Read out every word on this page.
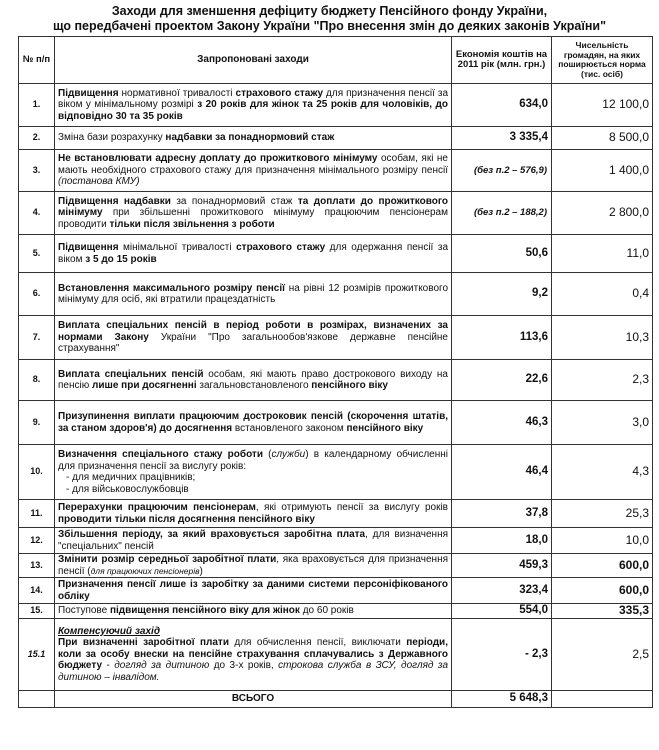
Заходи для зменшення дефіциту бюджету Пенсійного фонду України,
що передбачені проектом Закону України "Про внесення змін до деяких законів України"
№ п/п	Запропоновані заходи	Економія коштів на 2011 рік (млн. грн.)	Чисельність громадян, на яких поширюється норма (тис. осіб)
1.	Підвищення нормативної тривалості страхового стажу для призначення пенсії за віком у мінімальному розмірі з 20 років для жінок та 25 років для чоловіків, до відповідно 30 та 35 років	634,0	12 100,0
2.	Зміна бази розрахунку надбавки за понаднормовий стаж	3 335,4	8 500,0
3.	Не встановлювати адресну доплату до прожиткового мінімуму особам, які не мають необхідного страхового стажу для призначення мінімального розміру пенсії (постанова КМУ)	(без п.2 – 576,9)	1 400,0
4.	Підвищення надбавки за понаднормовий стаж та доплати до прожиткового мінімуму при збільшенні прожиткового мінімуму працюючим пенсіонерам проводити тільки після звільнення з роботи	(без п.2 – 188,2)	2 800,0
5.	Підвищення мінімальної тривалості страхового стажу для одержання пенсії за віком з 5 до 15 років	50,6	11,0
6.	Встановлення максимального розміру пенсії на рівні 12 розмірів прожиткового мінімуму для осіб, які втратили працездатність	9,2	0,4
7.	Виплата спеціальних пенсій в період роботи в розмірах, визначених за нормами Закону України "Про загальнообов'язкове державне пенсійне страхування"	113,6	10,3
8.	Виплата спеціальних пенсій особам, які мають право дострокового виходу на пенсію лише при досягненні загальновстановленого пенсійного віку	22,6	2,3
9.	Призупинення виплати працюючим достроковик пенсій (скорочення штатів, за станом здоров'я) до досягнення встановленого законом пенсійного віку	46,3	3,0
10.	Визначення спеціального стажу роботи (служби) в календарному обчисленні для призначення пенсії за вислугу років:
- для медичних працівників;
- для військовослужбовців	46,4	4,3
11.	Перерахунки працюючим пенсіонерам, які отримують пенсії за вислугу років проводити тільки після досягнення пенсійного віку	37,8	25,3
12.	Збільшення періоду, за який враховується заробітна плата, для визначення "спеціальних" пенсій	18,0	10,0
13.	Змінити розмір середньої заробітної плати, яка враховується для призначення пенсії (для працюючих пенсіонерів)	459,3	600,0
14.	Призначення пенсії лише із заробітку за даними системи персоніфікованого обліку	323,4	600,0
15.	Поступове підвищення пенсійного віку для жінок до 60 років	554,0	335,3
15.1	Компенсуючий захід
При визначенні заробітної плати для обчислення пенсії, виключати періоди, коли за особу внески на пенсійне страхування сплачувались з Державного бюджету - догляд за дитиною до 3-х років, строкова служба в ЗСУ, догляд за дитиною – інвалідом.	- 2,3	2,5
	ВСЬОГО	5 648,3	
